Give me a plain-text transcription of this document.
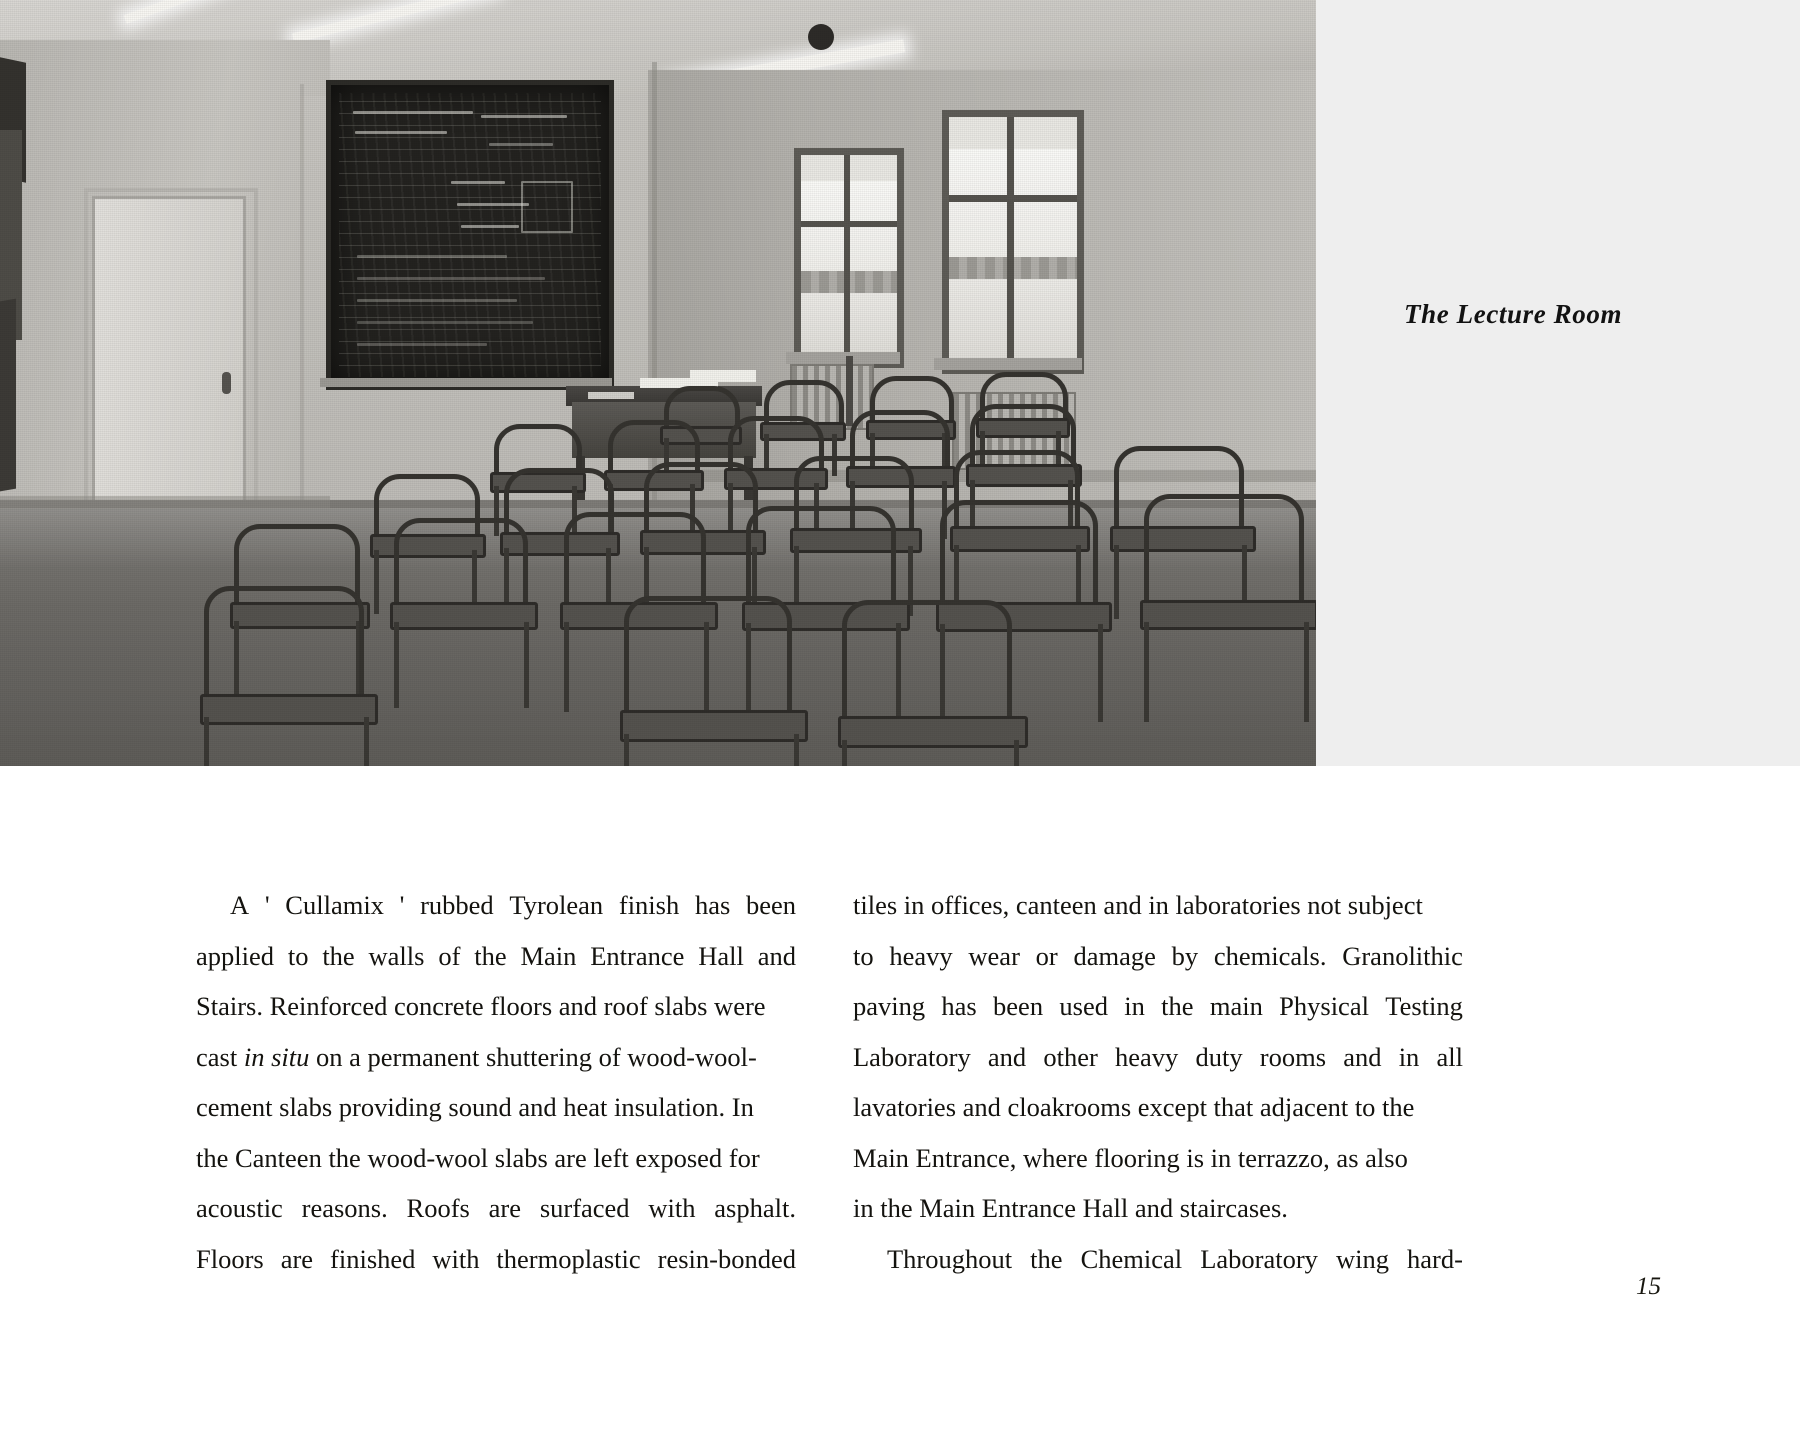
The Lecture Room

A ' Cullamix ' rubbed Tyrolean finish has been
applied to the walls of the Main Entrance Hall and
Stairs. Reinforced concrete floors and roof slabs were
cast in situ on a permanent shuttering of wood-wool-
cement slabs providing sound and heat insulation. In
the Canteen the wood-wool slabs are left exposed for
acoustic reasons. Roofs are surfaced with asphalt.
Floors are finished with thermoplastic resin-bonded

tiles in offices, canteen and in laboratories not subject
to heavy wear or damage by chemicals. Granolithic
paving has been used in the main Physical Testing
Laboratory and other heavy duty rooms and in all
lavatories and cloakrooms except that adjacent to the
Main Entrance, where flooring is in terrazzo, as also
in the Main Entrance Hall and staircases.

Throughout the Chemical Laboratory wing hard-

15
